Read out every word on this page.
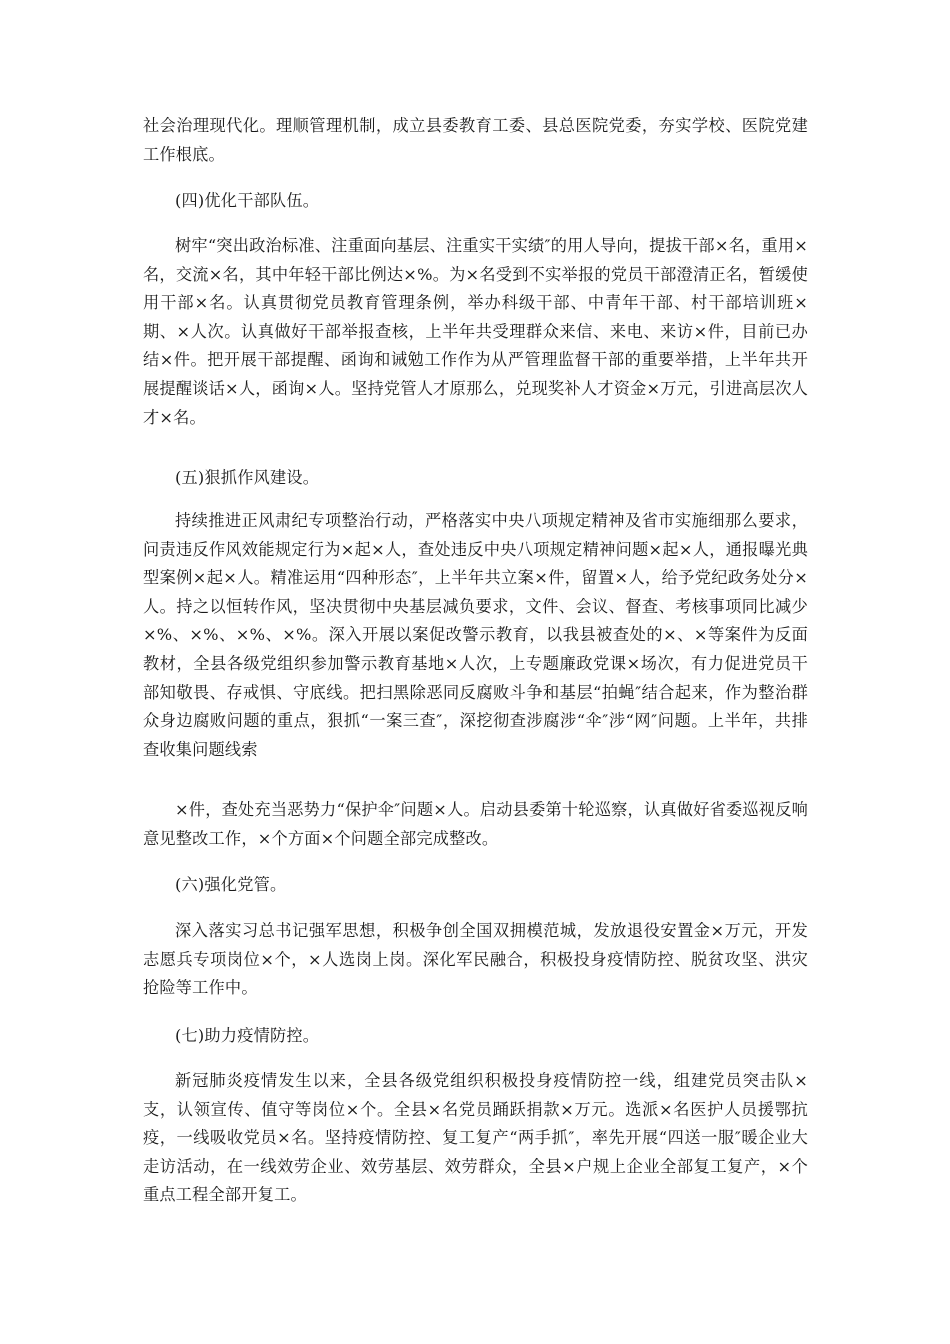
社会治理现代化。理顺管理机制，成立县委教育工委、县总医院党委，夯实学校、医院党建工作根底。

(四)优化干部队伍。

树牢“突出政治标准、注重面向基层、注重实干实绩″的用人导向，提拔干部×名，重用×名，交流×名，其中年轻干部比例达×%。为×名受到不实举报的党员干部澄清正名，暂缓使用干部×名。认真贯彻党员教育管理条例，举办科级干部、中青年干部、村干部培训班×期、×人次。认真做好干部举报查核，上半年共受理群众来信、来电、来访×件，目前已办结×件。把开展干部提醒、函询和诫勉工作作为从严管理监督干部的重要举措，上半年共开展提醒谈话×人，函询×人。坚持党管人才原那么，兑现奖补人才资金×万元，引进高层次人才×名。

(五)狠抓作风建设。

持续推进正风肃纪专项整治行动，严格落实中央八项规定精神及省市实施细那么要求，问责违反作风效能规定行为×起×人，查处违反中央八项规定精神问题×起×人，通报曝光典型案例×起×人。精准运用“四种形态″，上半年共立案×件，留置×人，给予党纪政务处分×人。持之以恒转作风，坚决贯彻中央基层减负要求，文件、会议、督查、考核事项同比减少×%、×%、×%、×%。深入开展以案促改警示教育，以我县被查处的×、×等案件为反面教材，全县各级党组织参加警示教育基地×人次，上专题廉政党课×场次，有力促进党员干部知敬畏、存戒惧、守底线。把扫黑除恶同反腐败斗争和基层“拍蝇″结合起来，作为整治群众身边腐败问题的重点，狠抓“一案三查″，深挖彻查涉腐涉“伞″涉“网″问题。上半年，共排查收集问题线索

×件，查处充当恶势力“保护伞″问题×人。启动县委第十轮巡察，认真做好省委巡视反响意见整改工作，×个方面×个问题全部完成整改。

(六)强化党管。

深入落实习总书记强军思想，积极争创全国双拥模范城，发放退役安置金×万元，开发志愿兵专项岗位×个，×人选岗上岗。深化军民融合，积极投身疫情防控、脱贫攻坚、洪灾抢险等工作中。

(七)助力疫情防控。

新冠肺炎疫情发生以来，全县各级党组织积极投身疫情防控一线，组建党员突击队×支，认领宣传、值守等岗位×个。全县×名党员踊跃捐款×万元。选派×名医护人员援鄂抗疫，一线吸收党员×名。坚持疫情防控、复工复产“两手抓″，率先开展“四送一服″暖企业大走访活动，在一线效劳企业、效劳基层、效劳群众，全县×户规上企业全部复工复产，×个重点工程全部开复工。
